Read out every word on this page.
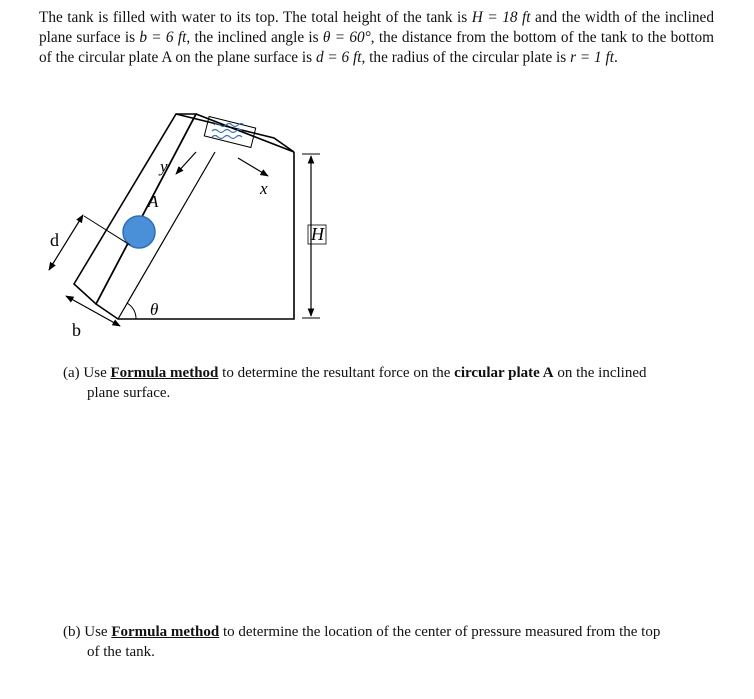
The tank is filled with water to its top. The total height of the tank is H = 18 ft and the width of the inclined plane surface is b = 6 ft, the inclined angle is θ = 60°, the distance from the bottom of the tank to the bottom of the circular plate A on the plane surface is d = 6 ft, the radius of the circular plate is r = 1 ft.
y
x
A
d	H
b
θ
(a) Use Formula method to determine the resultant force on the circular plate A on the inclined
plane surface.
(b) Use Formula method to determine the location of the center of pressure measured from the top
of the tank.
